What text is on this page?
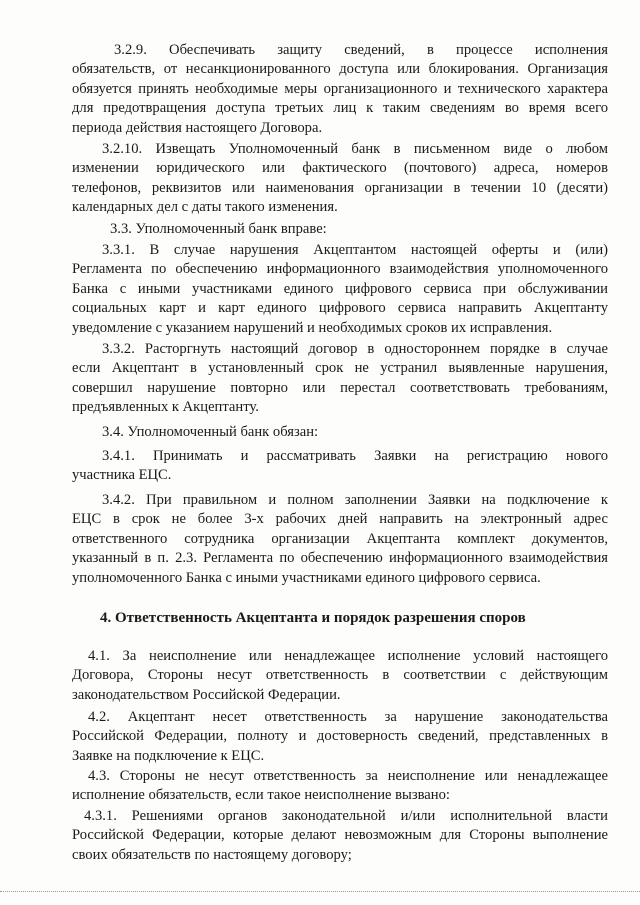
3.2.9. Обеспечивать защиту сведений, в процессе исполнения
обязательств, от несанкционированного доступа или блокирования. Организация
обязуется принять необходимые меры организационного и технического характера
для предотвращения доступа третьих лиц к таким сведениям во время всего
периода действия настоящего Договора.
3.2.10. Извещать Уполномоченный банк в письменном виде о любом
изменении юридического или фактического (почтового) адреса, номеров
телефонов, реквизитов или наименования организации в течении 10 (десяти)
календарных дел с даты такого изменения.
3.3. Уполномоченный банк вправе:
3.3.1. В случае нарушения Акцептантом настоящей оферты и (или)
Регламента по обеспечению информационного взаимодействия уполномоченного
Банка с иными участниками единого цифрового сервиса при обслуживании
социальных карт и карт единого цифрового сервиса направить Акцептанту
уведомление с указанием нарушений и необходимых сроков их исправления.
3.3.2. Расторгнуть настоящий договор в одностороннем порядке в случае
если Акцептант в установленный срок не устранил выявленные нарушения,
совершил нарушение повторно или перестал соответствовать требованиям,
предъявленных к Акцептанту.
3.4. Уполномоченный банк обязан:
3.4.1. Принимать и рассматривать Заявки на регистрацию нового
участника ЕЦС.
3.4.2. При правильном и полном заполнении Заявки на подключение к
ЕЦС в срок не более 3-х рабочих дней направить на электронный адрес
ответственного сотрудника организации Акцептанта комплект документов,
указанный в п. 2.3. Регламента по обеспечению информационного взаимодействия
уполномоченного Банка с иными участниками единого цифрового сервиса.
4. Ответственность Акцептанта и порядок разрешения споров
4.1. За неисполнение или ненадлежащее исполнение условий настоящего
Договора, Стороны несут ответственность в соответствии с действующим
законодательством Российской Федерации.
4.2. Акцептант несет ответственность за нарушение законодательства
Российской Федерации, полноту и достоверность сведений, представленных в
Заявке на подключение к ЕЦС.
4.3. Стороны не несут ответственность за неисполнение или ненадлежащее
исполнение обязательств, если такое неисполнение вызвано:
4.3.1. Решениями органов законодательной и/или исполнительной власти
Российской Федерации, которые делают невозможным для Стороны выполнение
своих обязательств по настоящему договору;
